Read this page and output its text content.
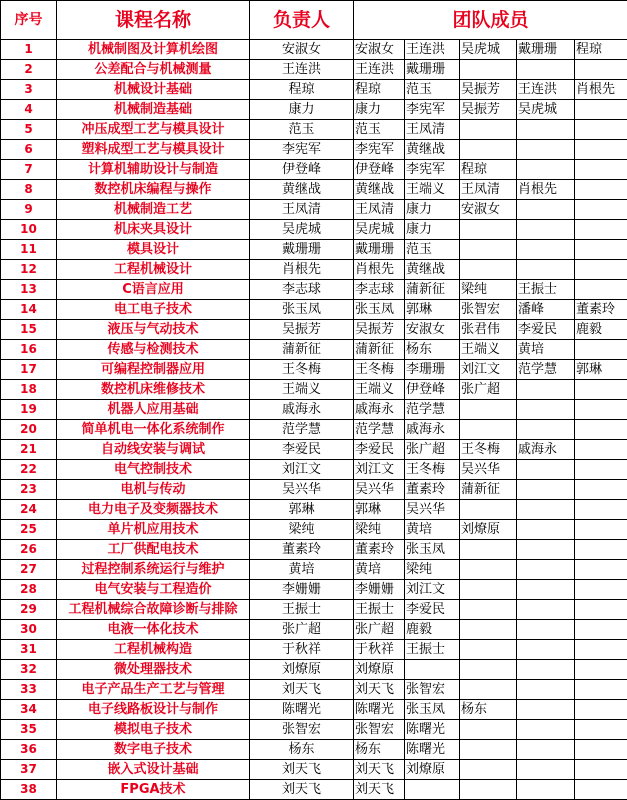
序号	课程名称	负责人	团队成员				
1	机械制图及计算机绘图	安淑女	安淑女	王连洪	吴虎城	戴珊珊	程琼
2	公差配合与机械测量	王连洪	王连洪	戴珊珊			
3	机械设计基础	程琼	程琼	范玉	吴振芳	王连洪	肖根先
4	机械制造基础	康力	康力	李宪军	吴振芳	吴虎城	
5	冲压成型工艺与模具设计	范玉	范玉	王凤清			
6	塑料成型工艺与模具设计	李宪军	李宪军	黄继战			
7	计算机辅助设计与制造	伊登峰	伊登峰	李宪军	程琼		
8	数控机床编程与操作	黄继战	黄继战	王端义	王凤清	肖根先	
9	机械制造工艺	王凤清	王凤清	康力	安淑女		
10	机床夹具设计	吴虎城	吴虎城	康力			
11	模具设计	戴珊珊	戴珊珊	范玉			
12	工程机械设计	肖根先	肖根先	黄继战			
13	C语言应用	李志球	李志球	蒲新征	梁纯	王振士	
14	电工电子技术	张玉凤	张玉凤	郭琳	张智宏	潘峰	董素玲
15	液压与气动技术	吴振芳	吴振芳	安淑女	张君伟	李爱民	鹿毅
16	传感与检测技术	蒲新征	蒲新征	杨东	王端义	黄培	
17	可编程控制器应用	王冬梅	王冬梅	李珊珊	刘江文	范学慧	郭琳
18	数控机床维修技术	王端义	王端义	伊登峰	张广超		
19	机器人应用基础	戚海永	戚海永	范学慧			
20	简单机电一体化系统制作	范学慧	范学慧	戚海永			
21	自动线安装与调试	李爱民	李爱民	张广超	王冬梅	戚海永	
22	电气控制技术	刘江文	刘江文	王冬梅	吴兴华		
23	电机与传动	吴兴华	吴兴华	董素玲	蒲新征		
24	电力电子及变频器技术	郭琳	郭琳	吴兴华			
25	单片机应用技术	梁纯	梁纯	黄培	刘燎原		
26	工厂供配电技术	董素玲	董素玲	张玉凤			
27	过程控制系统运行与维护	黄培	黄培	梁纯			
28	电气安装与工程造价	李姗姗	李姗姗	刘江文			
29	工程机械综合故障诊断与排除	王振士	王振士	李爱民			
30	电液一体化技术	张广超	张广超	鹿毅			
31	工程机械构造	于秋祥	于秋祥	王振士			
32	微处理器技术	刘燎原	刘燎原				
33	电子产品生产工艺与管理	刘天飞	刘天飞	张智宏			
34	电子线路板设计与制作	陈曙光	陈曙光	张玉凤	杨东		
35	模拟电子技术	张智宏	张智宏	陈曙光			
36	数字电子技术	杨东	杨东	陈曙光			
37	嵌入式设计基础	刘天飞	刘天飞	刘燎原			
38	FPGA技术	刘天飞	刘天飞				
